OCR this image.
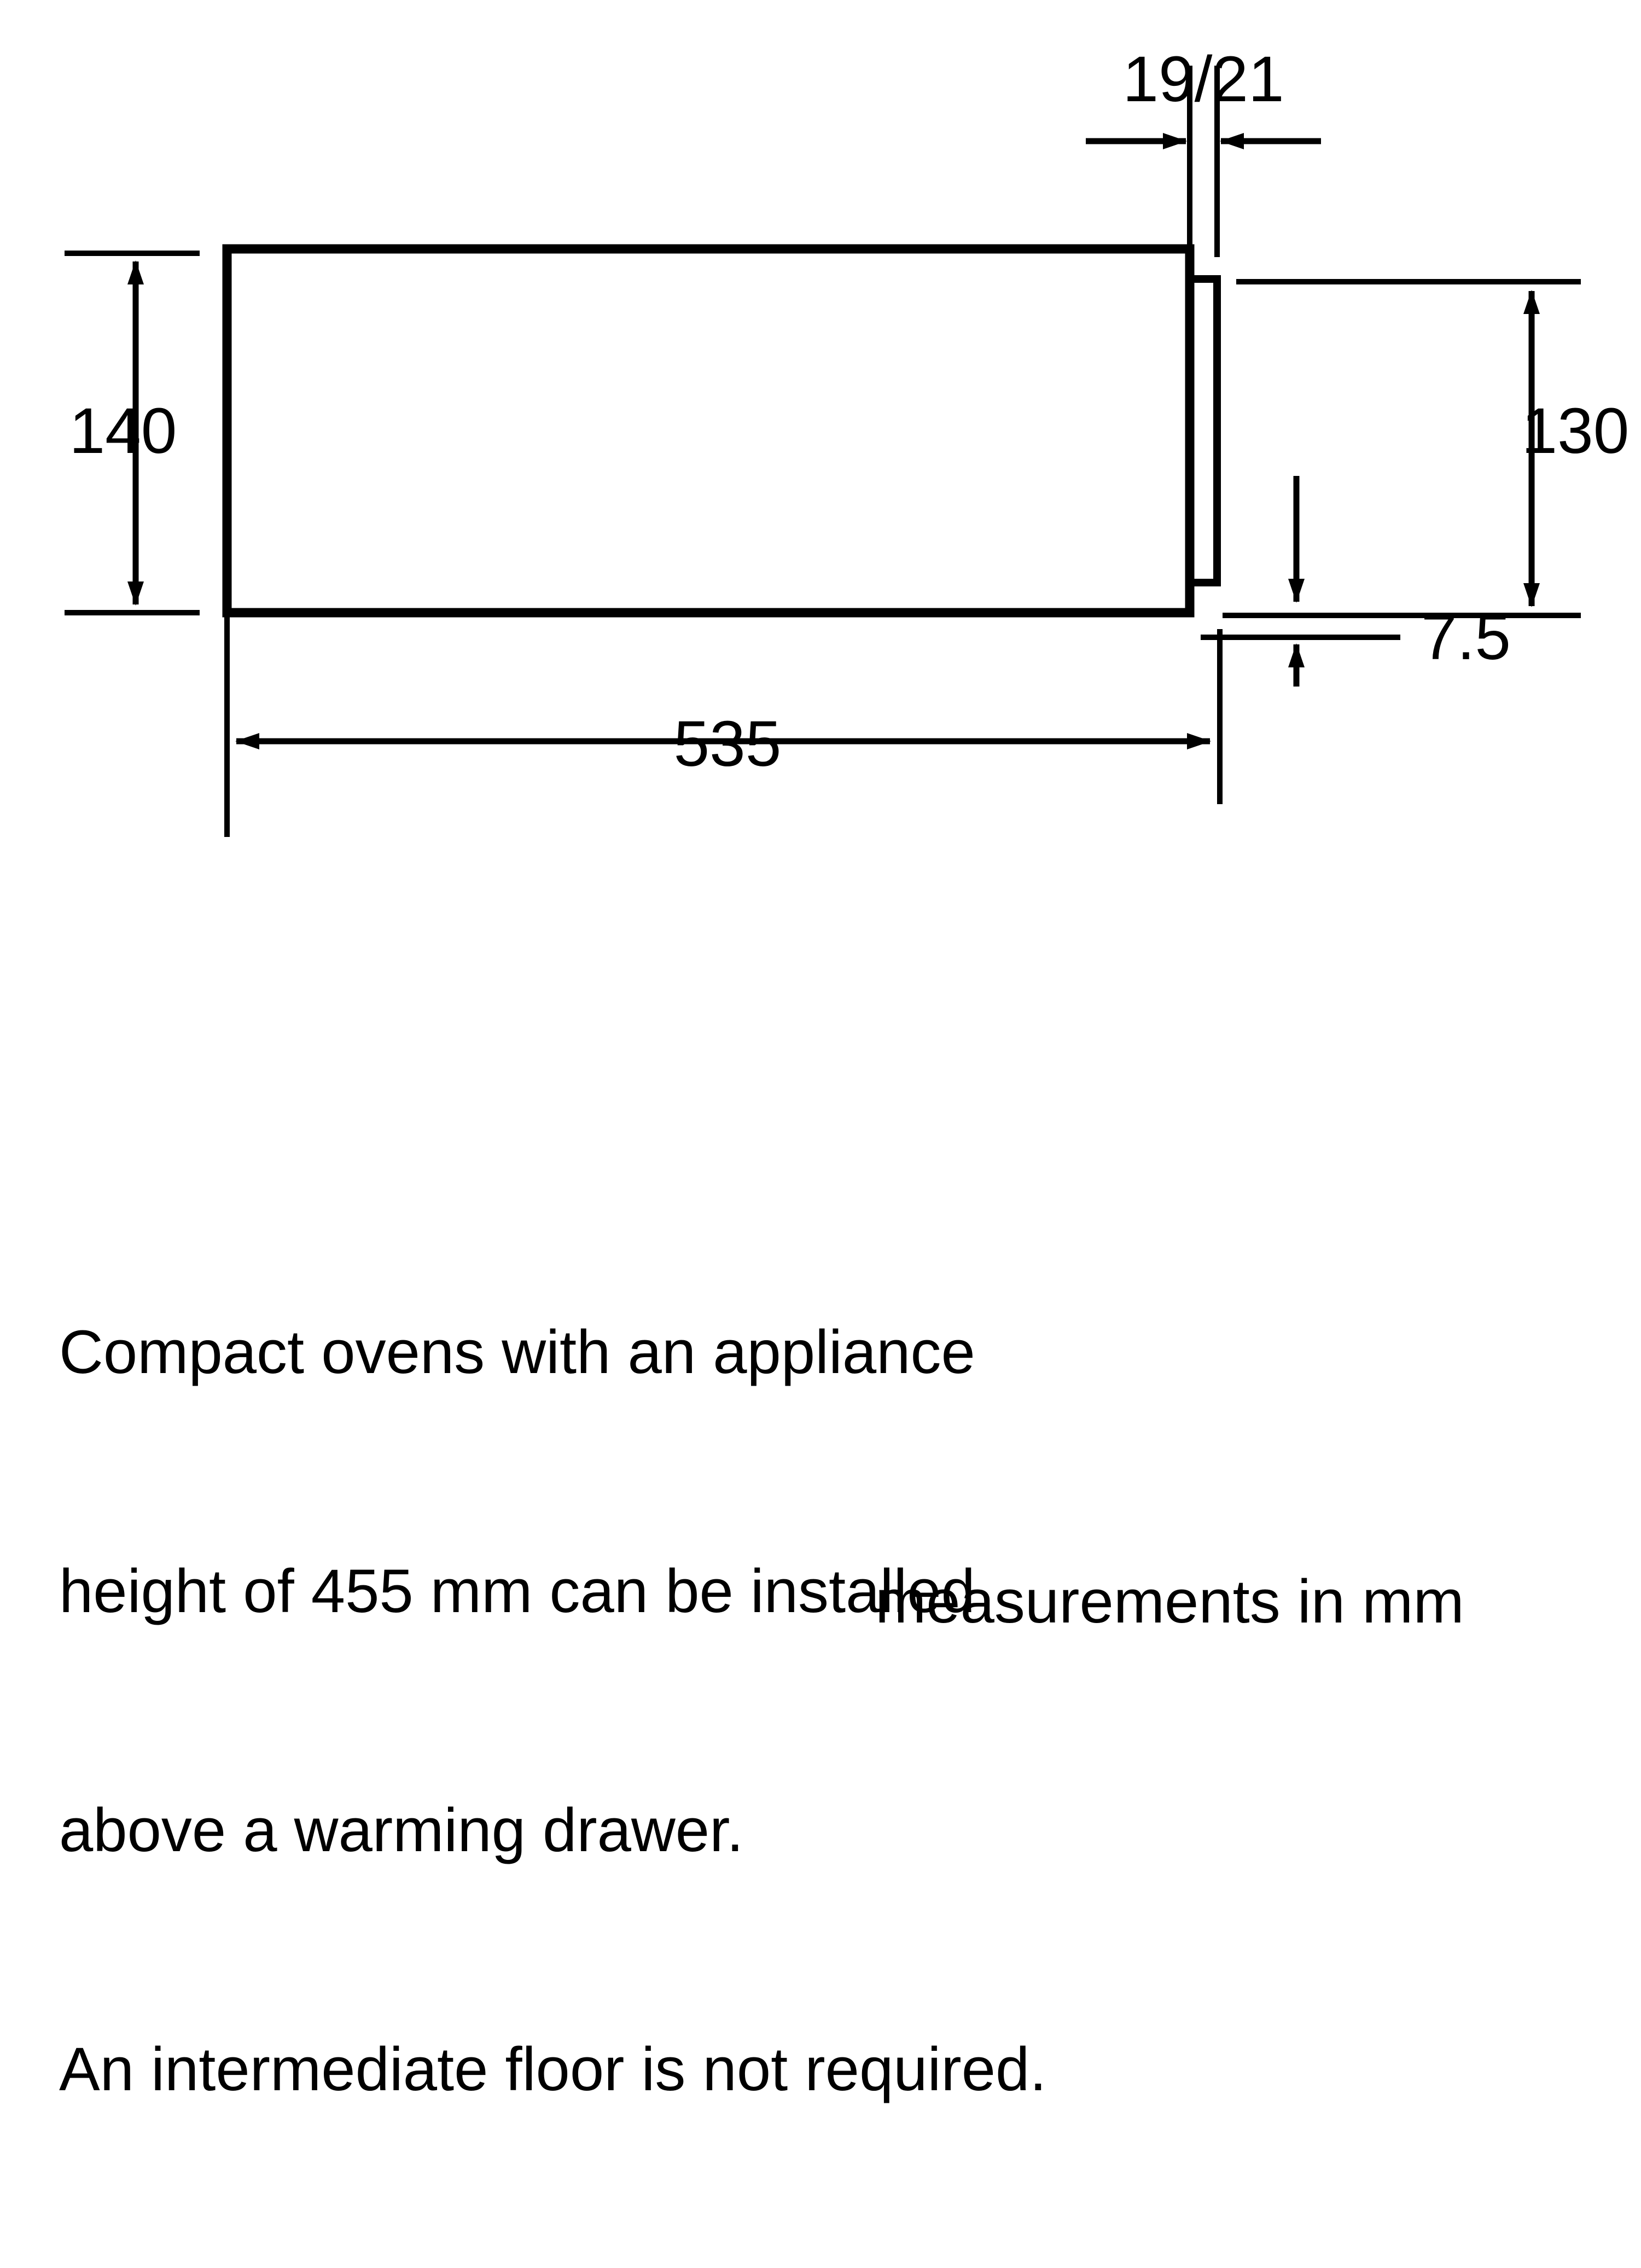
19/21
140	130
7.5
535

Compact ovens with an appliance

height of 455 mm can be installed

above a warming drawer.

An intermediate floor is not required.

measurements in mm
